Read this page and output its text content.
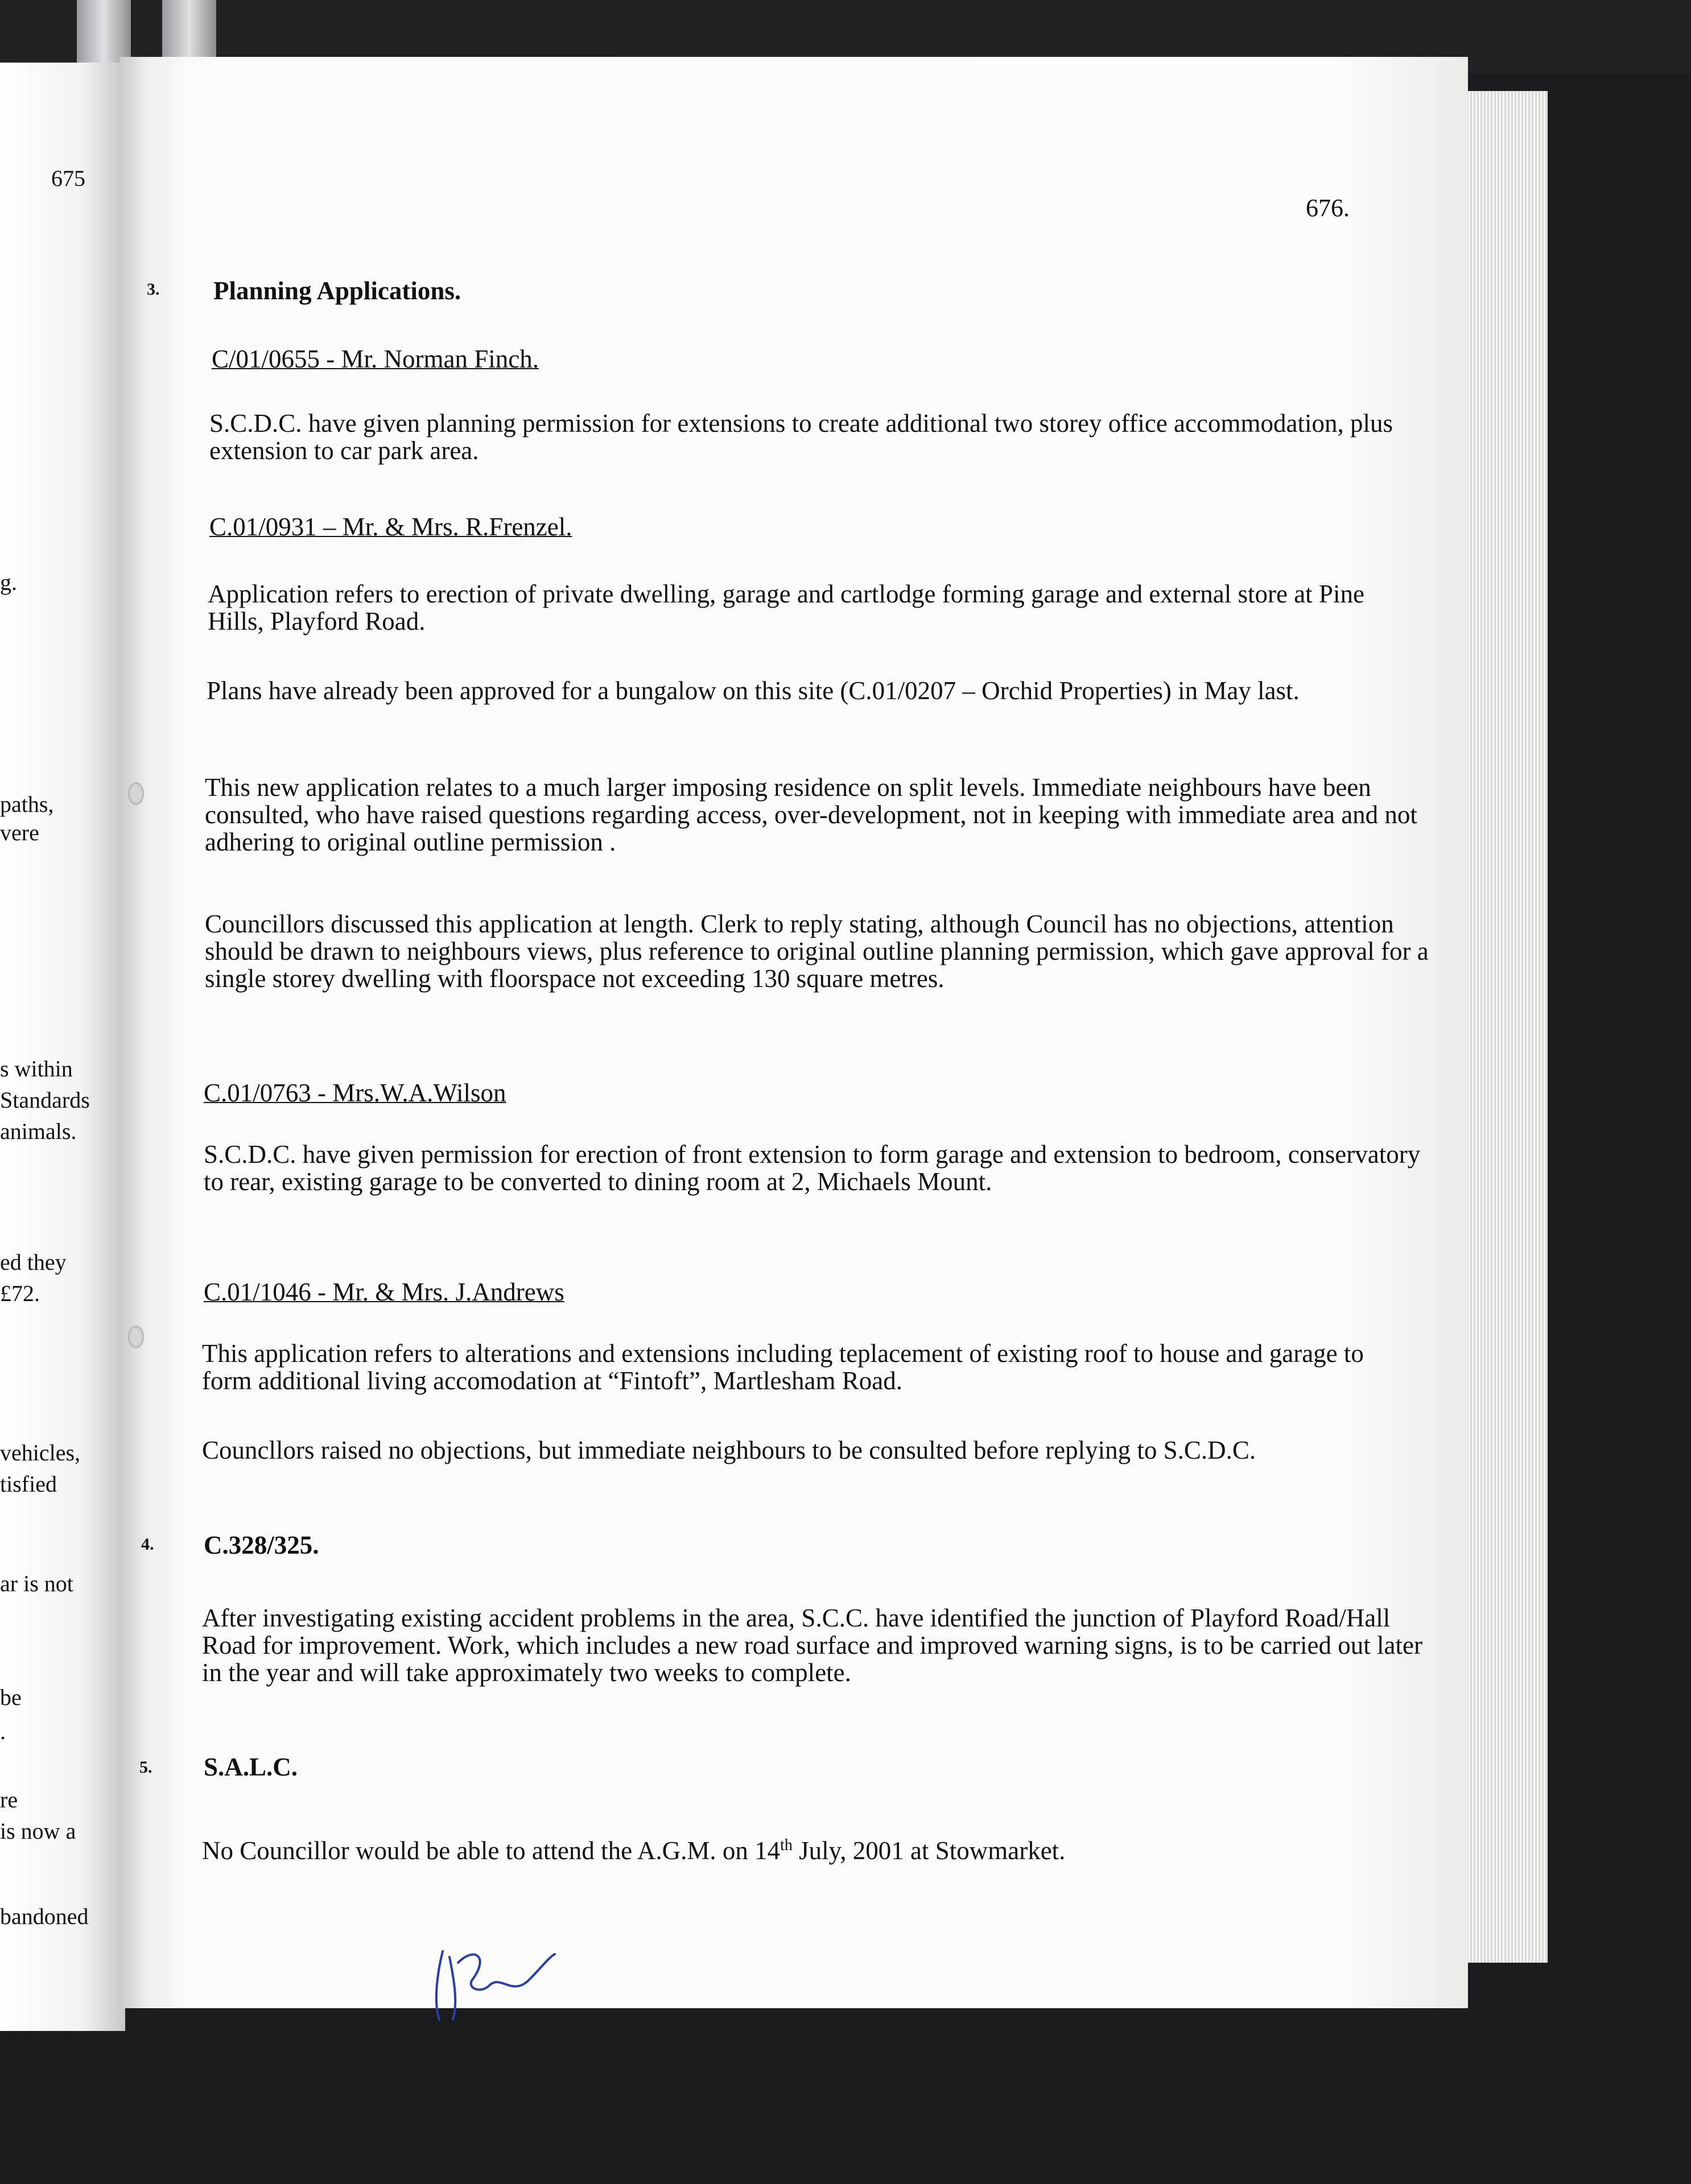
675
g.
paths,
vere
s within
Standards
animals.
ed they
£72.
vehicles,
tisfied
ar is not
be
.
re
is now a
bandoned
676.
3. Planning Applications.
C/01/0655 - Mr. Norman Finch.
S.C.D.C. have given planning permission for extensions to create additional two storey office accommodation, plus extension to car park area.
C.01/0931 – Mr. & Mrs. R.Frenzel.
Application refers to erection of private dwelling, garage and cartlodge forming garage and external store at Pine Hills, Playford Road.
Plans have already been approved for a bungalow on this site (C.01/0207 – Orchid Properties) in May last.
This new application relates to a much larger imposing residence on split levels. Immediate neighbours have been consulted, who have raised questions regarding access, over-development, not in keeping with immediate area and not adhering to original outline permission .
Councillors discussed this application at length. Clerk to reply stating, although Council has no objections, attention should be drawn to neighbours views, plus reference to original outline planning permission, which gave approval for a single storey dwelling with floorspace not exceeding 130 square metres.
C.01/0763 - Mrs.W.A.Wilson
S.C.D.C. have given permission for erection of front extension to form garage and extension to bedroom, conservatory to rear, existing garage to be converted to dining room at 2, Michaels Mount.
C.01/1046 - Mr. & Mrs. J.Andrews
This application refers to alterations and extensions including teplacement of existing roof to house and garage to form additional living accomodation at “Fintoft”, Martlesham Road.
Councllors raised no objections, but immediate neighbours to be consulted before replying to S.C.D.C.
4. C.328/325.
After investigating existing accident problems in the area, S.C.C. have identified the junction of Playford Road/Hall Road for improvement. Work, which includes a new road surface and improved warning signs, is to be carried out later in the year and will take approximately two weeks to complete.
5. S.A.L.C.
No Councillor would be able to attend the A.G.M. on 14th July, 2001 at Stowmarket.
